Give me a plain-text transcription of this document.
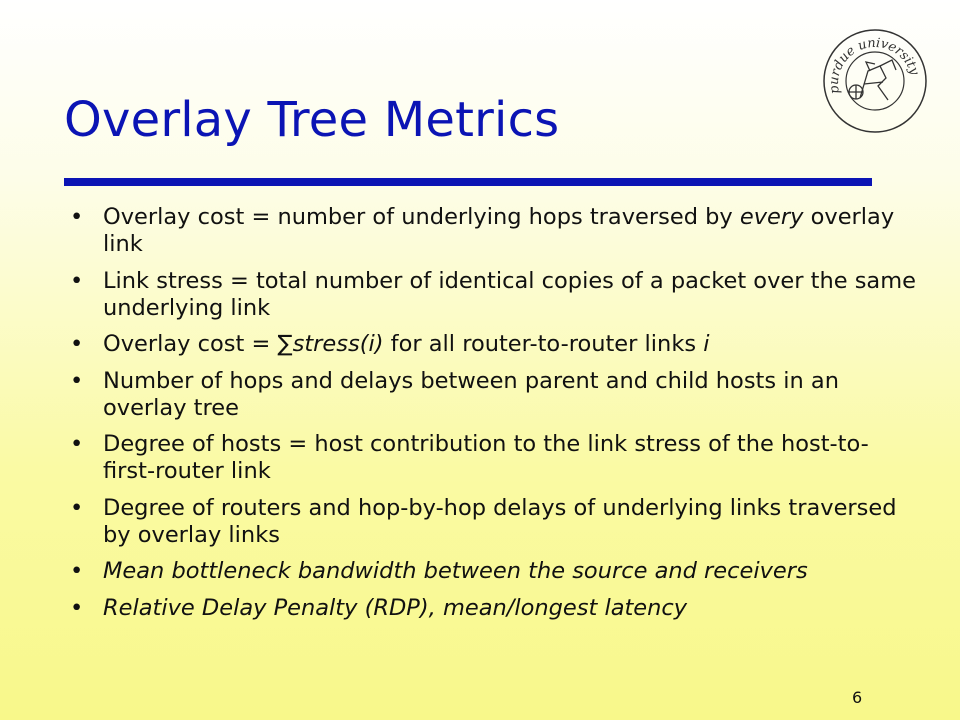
Overlay Tree Metrics
purdue university
• Overlay cost = number of underlying hops traversed by every overlay link
• Link stress = total number of identical copies of a packet over the same underlying link
• Overlay cost = ∑stress(i) for all router-to-router links i
• Number of hops and delays between parent and child hosts in an overlay tree
• Degree of hosts = host contribution to the link stress of the host-to-first-router link
• Degree of routers and hop-by-hop delays of underlying links traversed by overlay links
• Mean bottleneck bandwidth between the source and receivers
• Relative Delay Penalty (RDP), mean/longest latency
6
